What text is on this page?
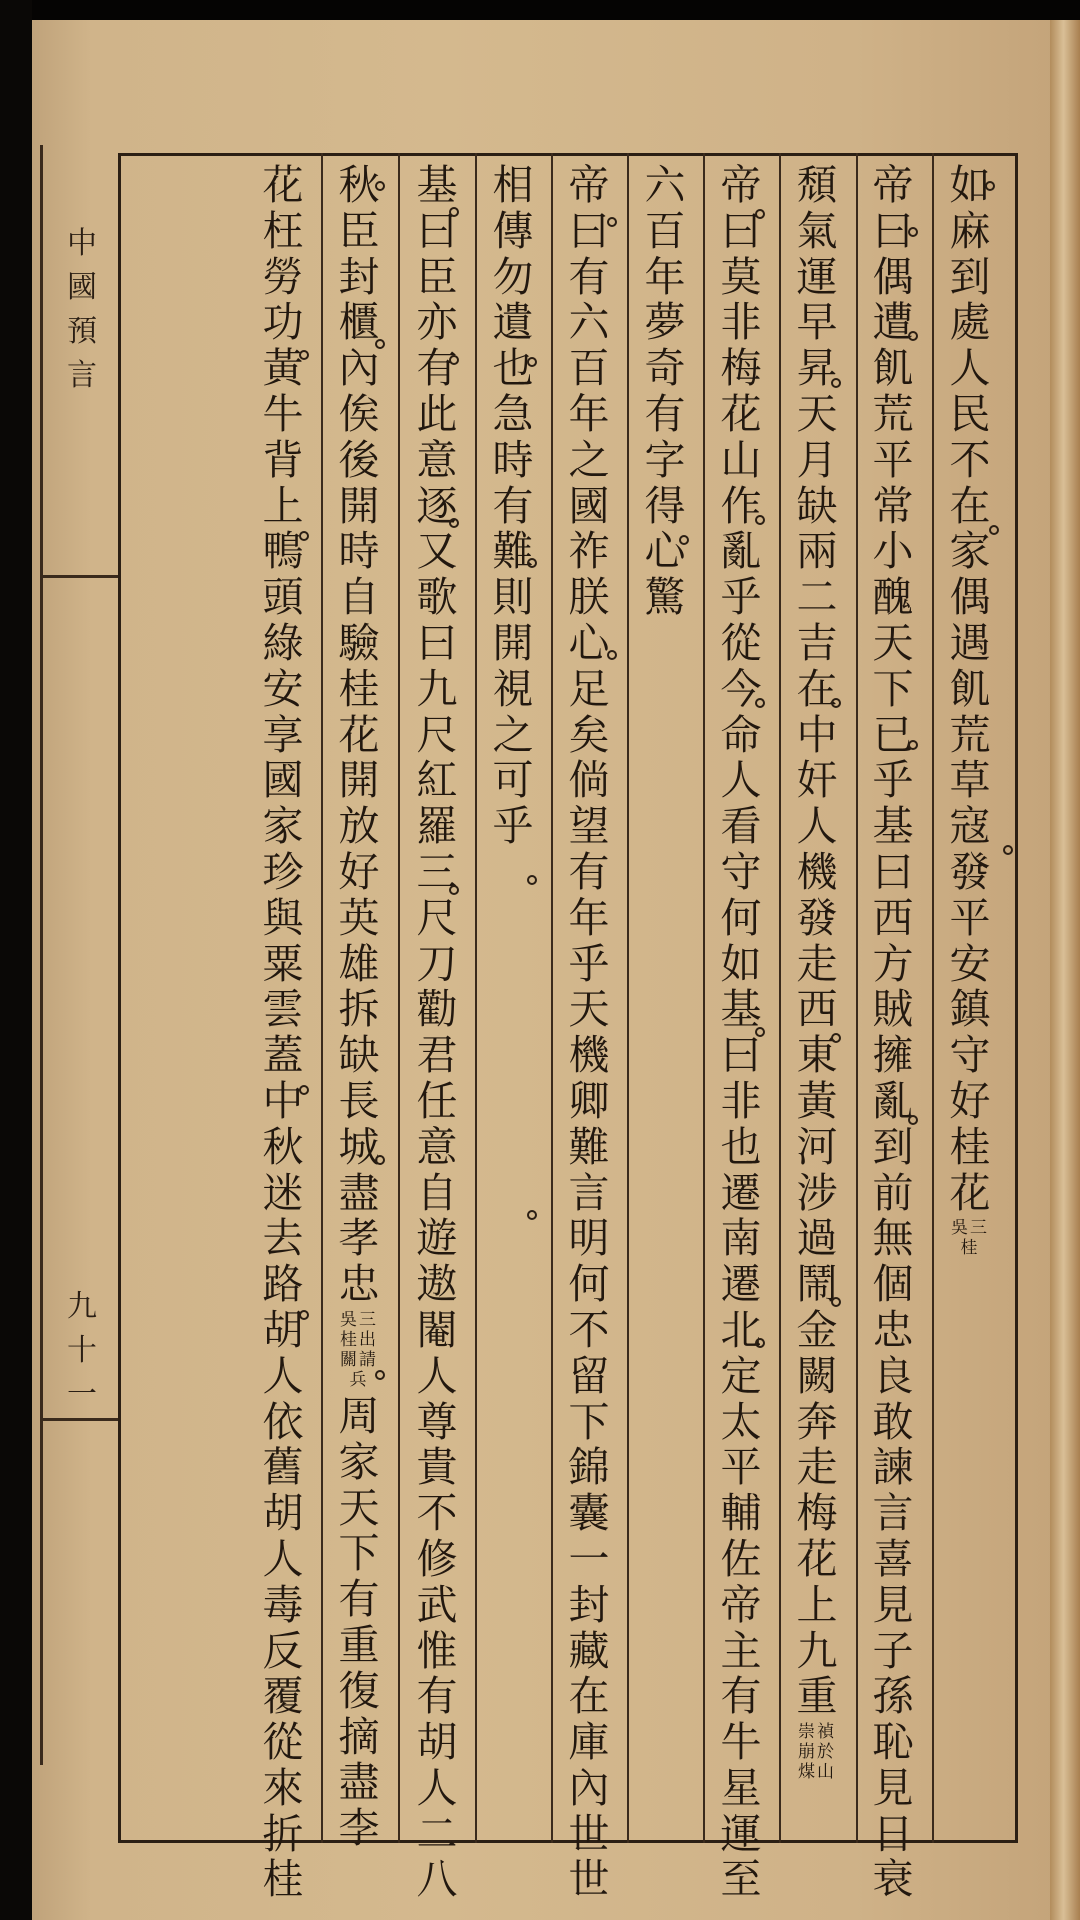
中
國
預
言
九
十
一
如
麻
到
處
人
民
不
在
家
偶
遇
飢
荒
草
寇
發
平
安
鎮
守
好
桂
花
吳三桂
帝
曰
偶
遭
飢
荒
平
常
小
醜
天
下
已
乎
基
曰
西
方
賊
擁
亂
到
前
無
個
忠
良
敢
諫
言
喜
見
子
孫
恥
見
日
衰
頹
氣
運
早
昇
天
月
缺
兩
二
吉
在
中
奸
人
機
發
走
西
東
黃
河
涉
過
鬧
金
闕
奔
走
梅
花
上
九
重
崇禎崩於煤山
帝
曰
莫
非
梅
花
山
作
亂
乎
從
今
命
人
看
守
何
如
基
曰
非
也
遷
南
遷
北
定
太
平
輔
佐
帝
主
有
牛
星
運
至
六
百
年
夢
奇
有
字
得
心
驚
帝
曰
有
六
百
年
之
國
祚
朕
心
足
矣
倘
望
有
年
乎
天
機
卿
難
言
明
何
不
留
下
錦
囊
一
封
藏
在
庫
內
世
世
相
傳
勿
遺
也
急
時
有
難
則
開
視
之
可
乎
基
曰
臣
亦
有
此
意
逐
又
歌
曰
九
尺
紅
羅
三
尺
刀
勸
君
任
意
自
遊
遨
閹
人
尊
貴
不
修
武
惟
有
胡
人
二
八
秋
臣
封
櫃
內
俟
後
開
時
自
驗
桂
花
開
放
好
英
雄
拆
缺
長
城
盡
孝
忠
吳三桂出關請兵
周
家
天
下
有
重
復
摘
盡
李
花
枉
勞
功
黃
牛
背
上
鴨
頭
綠
安
享
國
家
珍
與
粟
雲
蓋
中
秋
迷
去
路
胡
人
依
舊
胡
人
毒
反
覆
從
來
折
桂
